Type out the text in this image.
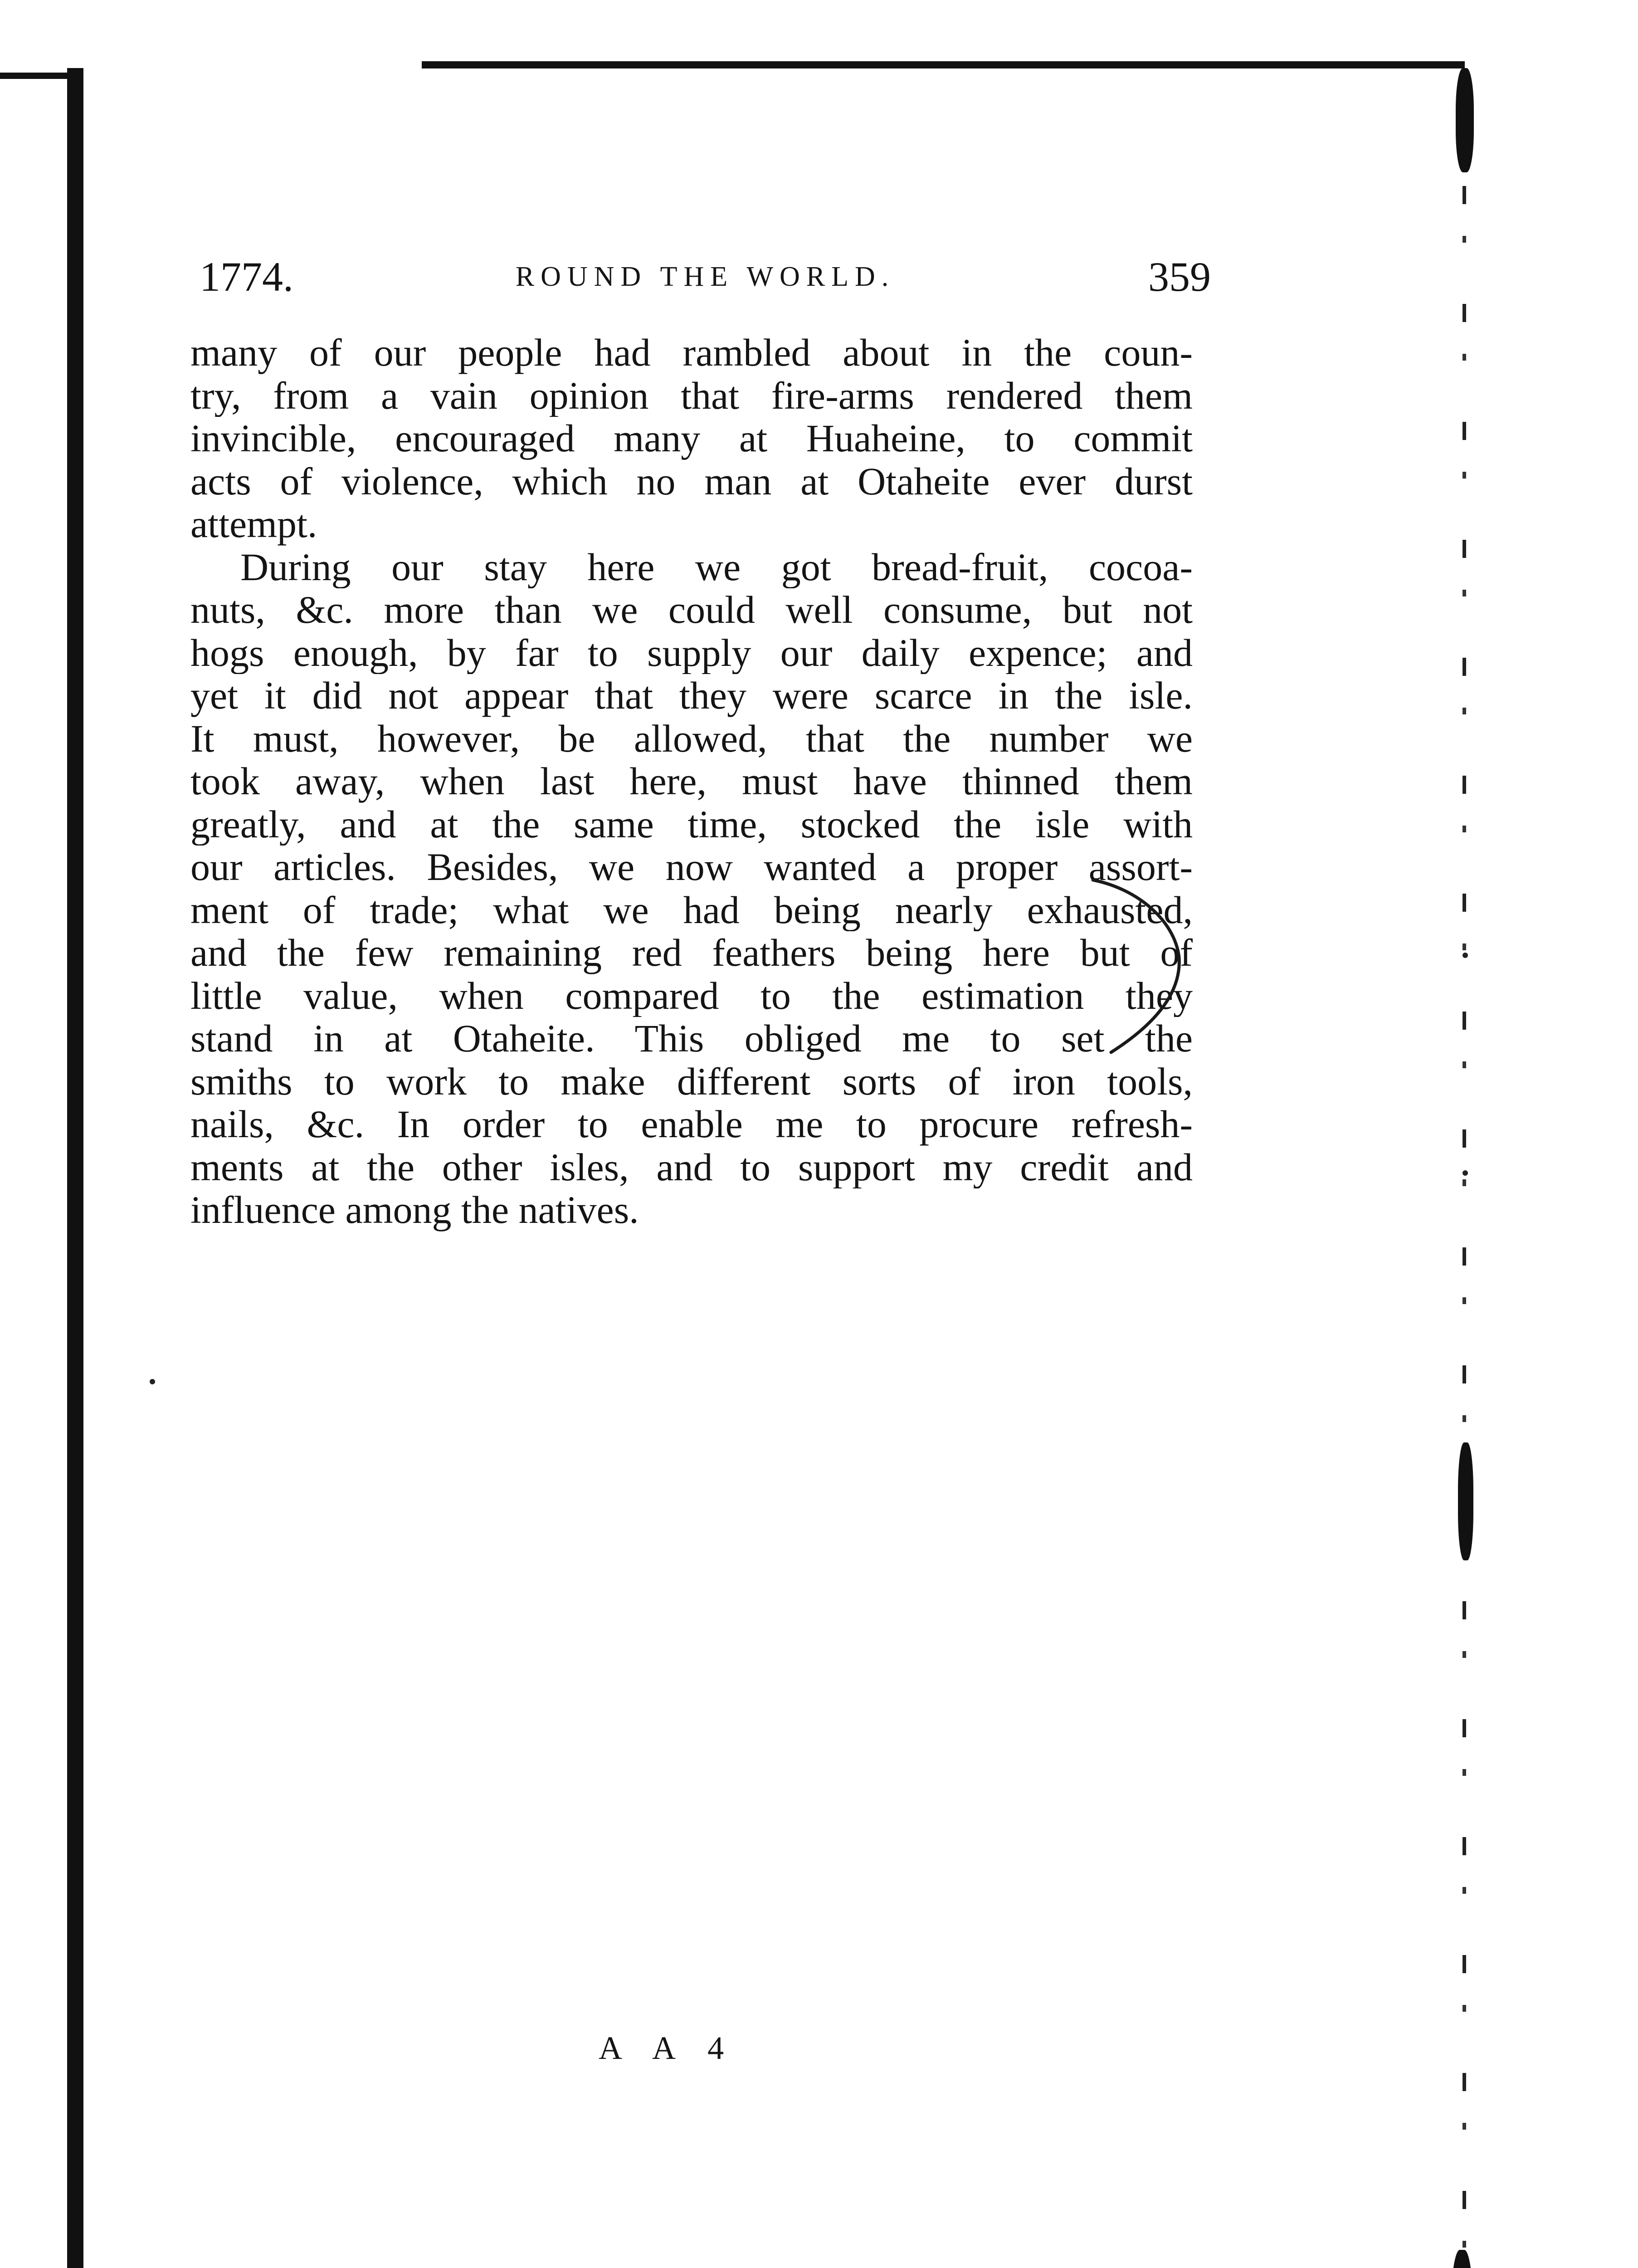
ROUND THE WORLD.
1774.	359
many of our people had rambled about in the coun-
try, from a vain opinion that fire-arms rendered them
invincible, encouraged many at Huaheine, to commit
acts of violence, which no man at Otaheite ever durst
attempt.
During our stay here we got bread-fruit, cocoa-
nuts, &c. more than we could well consume, but not
hogs enough, by far to supply our daily expence; and
yet it did not appear that they were scarce in the isle.
It must, however, be allowed, that the number we
took away, when last here, must have thinned them
greatly, and at the same time, stocked the isle with
our articles. Besides, we now wanted a proper assort-
ment of trade; what we had being nearly exhausted,
and the few remaining red feathers being here but of
little value, when compared to the estimation they
stand in at Otaheite. This obliged me to set the
smiths to work to make different sorts of iron tools,
nails, &c. In order to enable me to procure refresh-
ments at the other isles, and to support my credit and
influence among the natives.
A A 4
